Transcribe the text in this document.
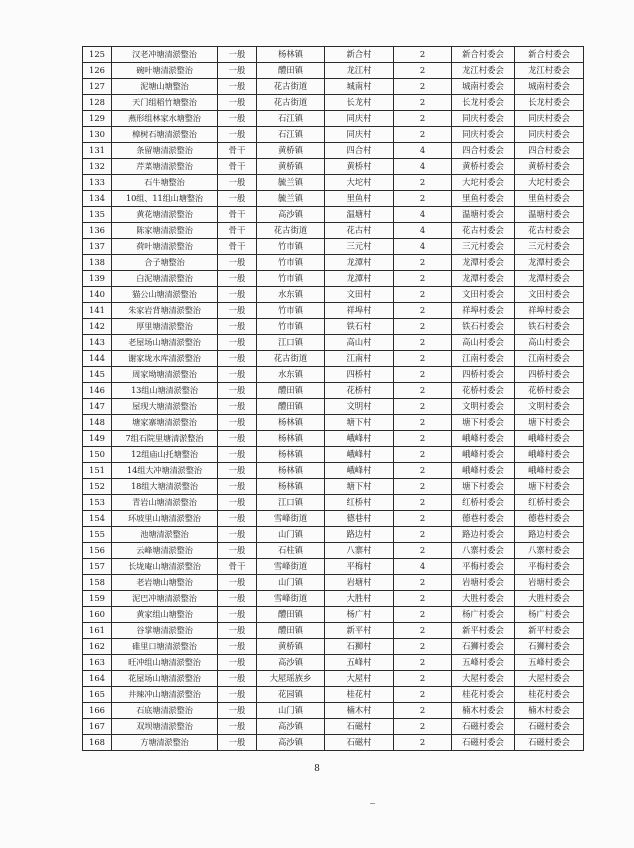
125	汉老冲塘清淤整治	一般	杨林镇	新合村	2	新合村委会	新合村委会
126	碗叶塘清淤整治	一般	醴田镇	龙江村	2	龙江村委会	龙江村委会
127	泥塘山塘整治	一般	花古街道	城南村	2	城南村委会	城南村委会
128	天门组稻竹塘整治	一般	花古街道	长龙村	2	长龙村委会	长龙村委会
129	燕形组林家水塘整治	一般	石江镇	同庆村	2	同庆村委会	同庆村委会
130	樟树石塘清淤整治	一般	石江镇	同庆村	2	同庆村委会	同庆村委会
131	条留塘清淤整治	骨干	黄桥镇	四合村	4	四合村委会	四合村委会
132	芹菜塘清淤整治	骨干	黄桥镇	黄桥村	4	黄桥村委会	黄桥村委会
133	石牛塘整治	一般	毓兰镇	大坨村	2	大坨村委会	大坨村委会
134	10组、11组山塘整治	一般	毓兰镇	里鱼村	2	里鱼村委会	里鱼村委会
135	黄花塘清淤整治	骨干	高沙镇	温塘村	4	温塘村委会	温塘村委会
136	陈家塘清淤整治	骨干	花古街道	花古村	4	花古村委会	花古村委会
137	荷叶塘清淤整治	骨干	竹市镇	三元村	4	三元村委会	三元村委会
138	合子塘整治	一般	竹市镇	龙潭村	2	龙潭村委会	龙潭村委会
139	白泥塘清淤整治	一般	竹市镇	龙潭村	2	龙潭村委会	龙潭村委会
140	猫公山塘清淤整治	一般	水东镇	文田村	2	文田村委会	文田村委会
141	朱家岩背塘清淤整治	一般	竹市镇	祥埠村	2	祥埠村委会	祥埠村委会
142	厚里塘清淤整治	一般	竹市镇	铁石村	2	铁石村委会	铁石村委会
143	老屋场山塘清淤整治	一般	江口镇	高山村	2	高山村委会	高山村委会
144	谢家垅水库清淤整治	一般	花古街道	江南村	2	江南村委会	江南村委会
145	周家坳塘清淤整治	一般	水东镇	四桥村	2	四桥村委会	四桥村委会
146	13组山塘清淤整治	一般	醴田镇	花桥村	2	花桥村委会	花桥村委会
147	屋现大塘清淤整治	一般	醴田镇	文明村	2	文明村委会	文明村委会
148	塘家寨塘清淤整治	一般	杨林镇	塘下村	2	塘下村委会	塘下村委会
149	7组石院里塘清淤整治	一般	杨林镇	峨峰村	2	峨峰村委会	峨峰村委会
150	12组庙山托塘整治	一般	杨林镇	峨峰村	2	峨峰村委会	峨峰村委会
151	14组大冲塘清淤整治	一般	杨林镇	峨峰村	2	峨峰村委会	峨峰村委会
152	18组大塘清淤整治	一般	杨林镇	塘下村	2	塘下村委会	塘下村委会
153	青岩山塘清淤整治	一般	江口镇	红桥村	2	红桥村委会	红桥村委会
154	环坡里山塘清淤整治	一般	雪峰街道	德巷村	2	德巷村委会	德巷村委会
155	池塘清淤整治	一般	山门镇	路边村	2	路边村委会	路边村委会
156	云峰塘清淤整治	一般	石柱镇	八寨村	2	八寨村委会	八寨村委会
157	长垅庵山塘清淤整治	骨干	雪峰街道	平梅村	4	平梅村委会	平梅村委会
158	老岩塘山塘整治	一般	山门镇	岩塘村	2	岩塘村委会	岩塘村委会
159	泥巴冲塘清淤整治	一般	雪峰街道	大胜村	2	大胜村委会	大胜村委会
160	黄家组山塘整治	一般	醴田镇	杨广村	2	杨广村委会	杨广村委会
161	谷掌塘清淤整治	一般	醴田镇	新平村	2	新平村委会	新平村委会
162	碓里口塘清淤整治	一般	黄桥镇	石狮村	2	石狮村委会	石狮村委会
163	旺冲组山塘清淤整治	一般	高沙镇	五峰村	2	五峰村委会	五峰村委会
164	花屋场山塘清淤整治	一般	大屋瑶族乡	大屋村	2	大屋村委会	大屋村委会
165	井辣冲山塘清淤整治	一般	花园镇	桂花村	2	桂花村委会	桂花村委会
166	石底塘清淤整治	一般	山门镇	楠木村	2	楠木村委会	楠木村委会
167	双坝塘清淤整治	一般	高沙镇	石磁村	2	石磁村委会	石磁村委会
168	方塘清淤整治	一般	高沙镇	石磁村	2	石磁村委会	石磁村委会
8
